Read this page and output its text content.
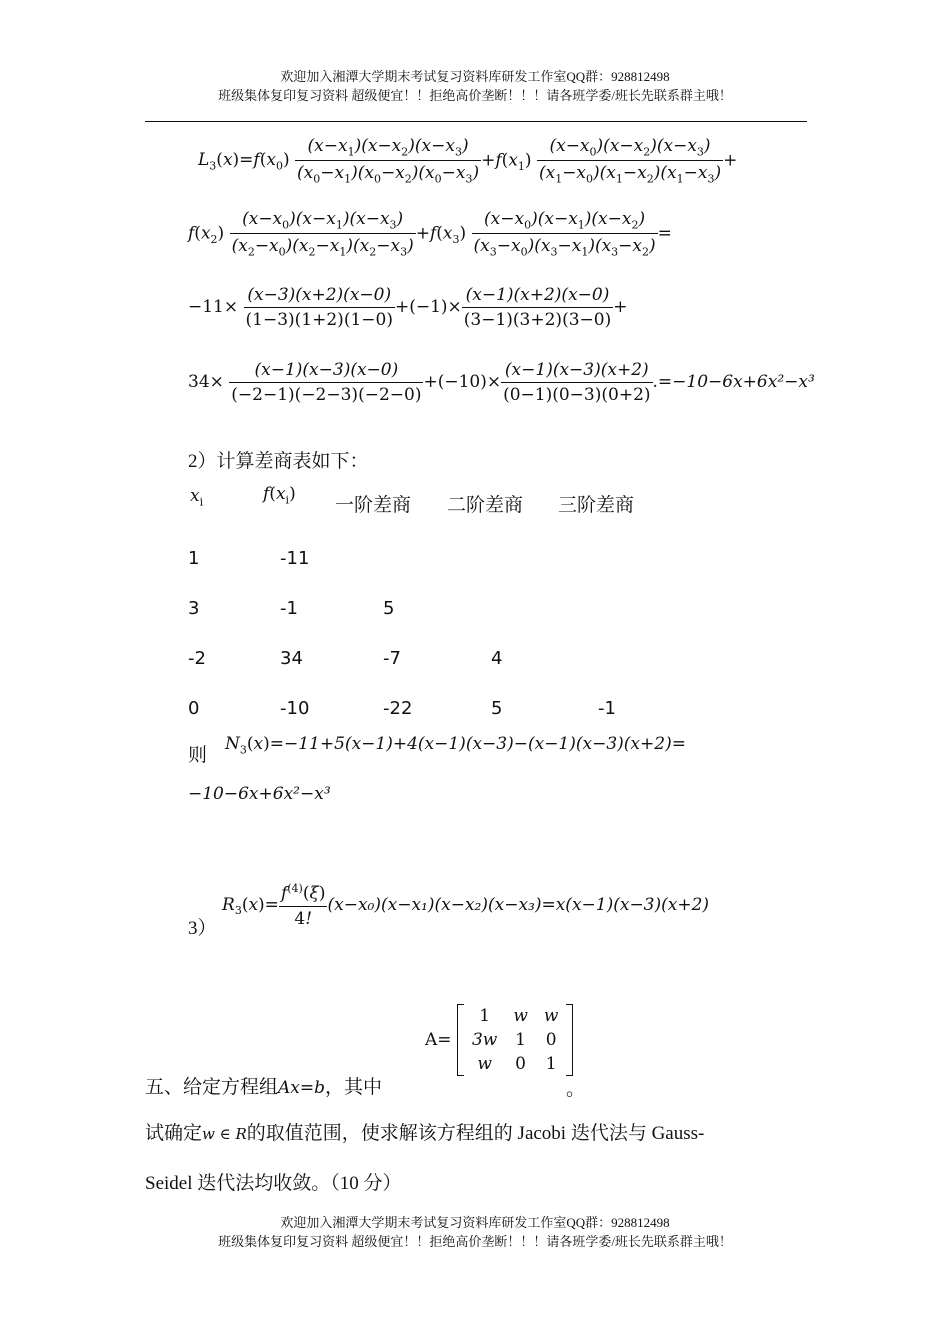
欢迎加入湘潭大学期末考试复习资料库研发工作室QQ群：928812498
班级集体复印复习资料 超级便宜！！拒绝高价垄断！！！请各班学委/班长先联系群主哦！
$L_3(x)=f(x_0) \frac{(x-x_1)(x-x_2)(x-x_3)}{(x_0-x_1)(x_0-x_2)(x_0-x_3)} +f(x_1) \frac{(x-x_0)(x-x_2)(x-x_3)}{(x_1-x_0)(x_1-x_2)(x_1-x_3)}$ +
$f(x_2) \frac{(x-x_0)(x-x_1)(x-x_3)}{(x_2-x_0)(x_2-x_1)(x_2-x_3)} +f(x_3) \frac{(x-x_0)(x-x_1)(x-x_2)}{(x_3-x_0)(x_3-x_1)(x_3-x_2)}$ =
$-11\times \frac{(x-3)(x+2)(x-0)}{(1-3)(1+2)(1-0)} +(-1)\times \frac{(x-1)(x+2)(x-0)}{(3-1)(3+2)(3-0)}$ +
$34\times \frac{(x-1)(x-3)(x-0)}{(-2-1)(-2-3)(-2-0)} +(-10)\times \frac{(x-1)(x-3)(x+2)}{(0-1)(0-3)(0+2)} .=-10-6x+6x^2-x^3$
2）计算差商表如下：
$x_i$	$f(x_i)$
一阶差商 二阶差商 三阶差商
1	-11
3	-1	5
-2	34	-7	4
0	-10	-22	5	-1
则
$N_3(x)=-11+5(x-1)+4(x-1)(x-3)-(x-1)(x-3)(x+2)=$
−10−6x+6x²−x³
3）
$R_3(x)= \frac{f^{(4)}(\xi)}{4!} (x-x_0)(x-x_1)(x-x_2)(x-x_3)=x(x-1)(x-3)(x+2)$
A=
1	w	w
3w	1	0
w	0	1
。
五、给定方程组Ax=b，其中
试确定w ∈ R的取值范围，使求解该方程组的 Jacobi 迭代法与 Gauss-
Seidel 迭代法均收敛。（10 分）
欢迎加入湘潭大学期末考试复习资料库研发工作室QQ群：928812498
班级集体复印复习资料 超级便宜！！拒绝高价垄断！！！请各班学委/班长先联系群主哦！
